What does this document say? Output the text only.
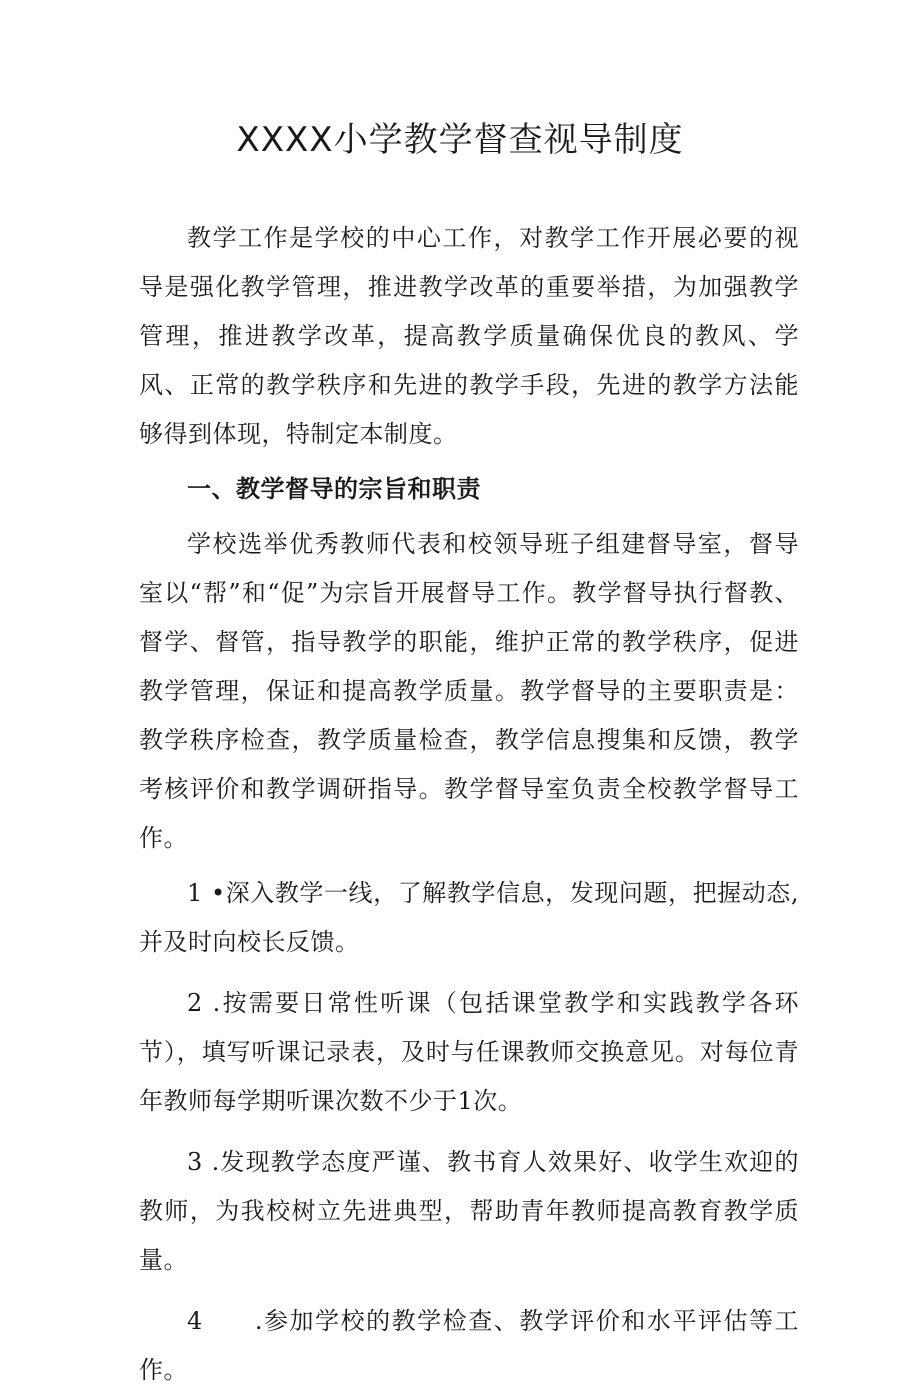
XXXX小学教学督查视导制度

教学工作是学校的中心工作，对教学工作开展必要的视导是强化教学管理，推进教学改革的重要举措，为加强教学管理，推进教学改革，提高教学质量确保优良的教风、学风、正常的教学秩序和先进的教学手段，先进的教学方法能够得到体现，特制定本制度。

一、教学督导的宗旨和职责

学校选举优秀教师代表和校领导班子组建督导室，督导室以“帮”和“促”为宗旨开展督导工作。教学督导执行督教、督学、督管，指导教学的职能，维护正常的教学秩序，促进教学管理，保证和提高教学质量。教学督导的主要职责是：教学秩序检查，教学质量检查，教学信息搜集和反馈，教学考核评价和教学调研指导。教学督导室负责全校教学督导工作。

1 •深入教学一线，了解教学信息，发现问题，把握动态,并及时向校长反馈。

2 .按需要日常性听课（包括课堂教学和实践教学各环节），填写听课记录表，及时与任课教师交换意见。对每位青年教师每学期听课次数不少于1次。

3 .发现教学态度严谨、教书育人效果好、收学生欢迎的教师，为我校树立先进典型，帮助青年教师提高教育教学质量。

4　　.参加学校的教学检查、教学评价和水平评估等工作。
